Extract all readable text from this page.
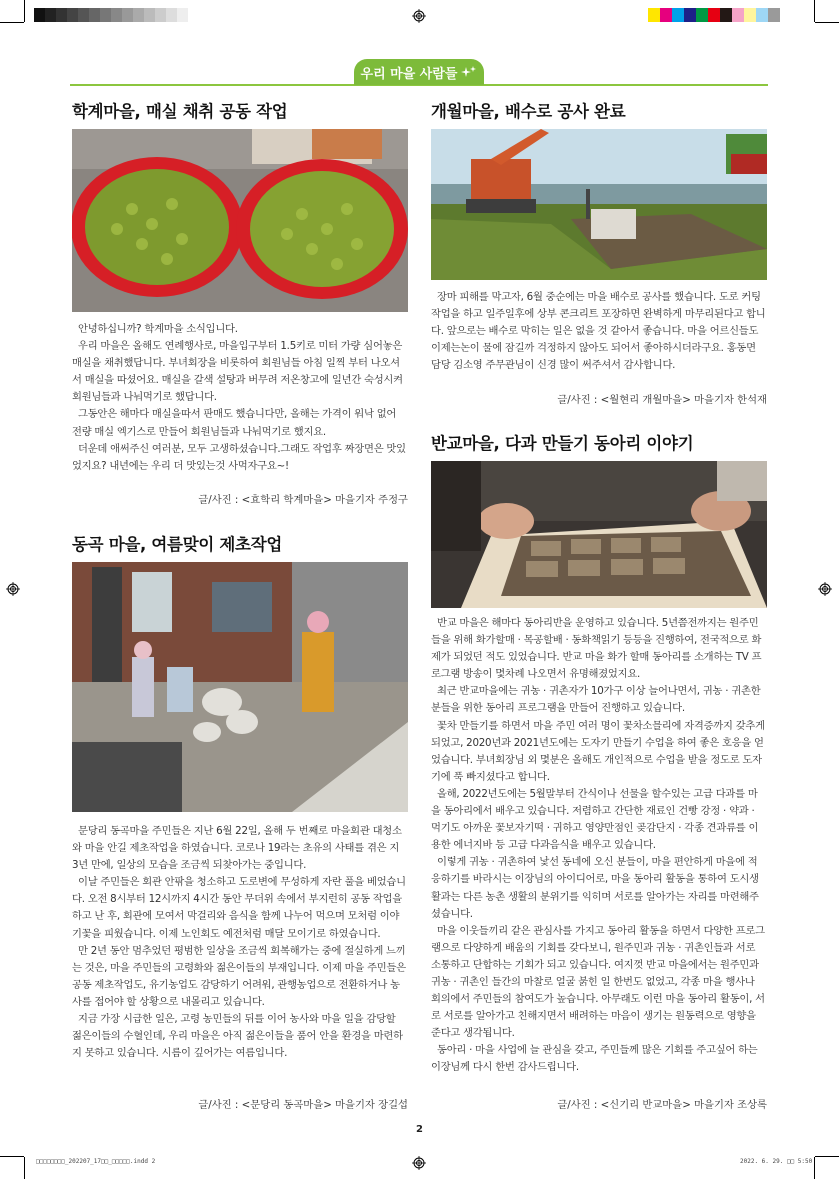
우리 마을 사람들
학계마을, 매실 채취 공동 작업

안녕하십니까? 학계마을 소식입니다.

우리 마을은 올해도 연례행사로, 마을입구부터 1.5키로 미터 가량 심어놓은 매실을 채취했답니다. 부녀회장을 비롯하여 회원님들 아침 일찍 부터 나오셔서 매실을 따셨어요. 매실을 갈색 설탕과 버무려 저온창고에 일년간 숙성시켜 회원님들과 나눠먹기로 했답니다.

그동안은 해마다 매실을따서 판매도 했습니다만, 올해는 가격이 워낙 없어 전량 매실 엑기스로 만들어 회원님들과 나눠먹기로 했지요.

더운데 애써주신 여러분, 모두 고생하셨습니다.그래도 작업후 짜장면은 맛있었지요? 내년에는 우리 더 맛있는것 사먹자구요~!

글/사진 : <효학리 학계마을> 마을기자 주정구
동곡 마을, 여름맞이 제초작업

문당리 동곡마을 주민들은 지난 6월 22일, 올해 두 번째로 마을회관 대청소와 마을 안길 제초작업을 하였습니다. 코로나 19라는 초유의 사태를 겪은 지 3년 만에, 일상의 모습을 조금씩 되찾아가는 중입니다.

이날 주민들은 회관 안팎을 청소하고 도로변에 무성하게 자란 풀을 베었습니다. 오전 8시부터 12시까지 4시간 동안 무더위 속에서 부지런히 공동 작업을 하고 난 후, 회관에 모여서 막걸리와 음식을 함께 나누어 먹으며 모처럼 이야기꽃을 피웠습니다. 이제 노인회도 예전처럼 매달 모이기로 하였습니다.

만 2년 동안 멈추었던 평범한 일상을 조금씩 회복해가는 중에 절실하게 느끼는 것은, 마을 주민들의 고령화와 젊은이들의 부재입니다. 이제 마을 주민들은 공동 제초작업도, 유기농업도 감당하기 어려워, 관행농업으로 전환하거나 농사를 접어야 할 상황으로 내몰리고 있습니다.

지금 가장 시급한 일은, 고령 농민들의 뒤를 이어 농사와 마을 일을 감당할 젊은이들의 수혈인데, 우리 마을은 아직 젊은이들을 품어 안을 환경을 마련하지 못하고 있습니다. 시름이 깊어가는 여름입니다.

글/사진 : <문당리 동곡마을> 마을기자 장길섭
개월마을, 배수로 공사 완료

장마 피해를 막고자, 6월 중순에는 마을 배수로 공사를 했습니다. 도로 커팅 작업을 하고 일주일후에 상부 콘크리트 포장하면 완벽하게 마무리된다고 합니다. 앞으로는 배수로 막히는 일은 없을 것 같아서 좋습니다. 마을 어르신들도 이제는논이 물에 잠길까 걱정하지 않아도 되어서 좋아하시더라구요. 홍동면 담당 김소영 주무관님이 신경 많이 써주셔서 감사합니다.

글/사진 : <월현리 개월마을> 마을기자 한석재
반교마을, 다과 만들기 동아리 이야기

반교 마을은 해마다 동아리반을 운영하고 있습니다. 5년쯤전까지는 원주민들을 위해 화가할매 · 목공할배 · 동화책읽기 등등을 진행하여, 전국적으로 화제가 되었던 적도 있었습니다. 반교 마을 화가 할매 동아리를 소개하는 TV 프로그램 방송이 몇차례 나오면서 유명해졌었지요.

최근 반교마을에는 귀농 · 귀촌자가 10가구 이상 늘어나면서, 귀농 · 귀촌한 분들을 위한 동아리 프로그램을 만들어 진행하고 있습니다.

꽃차 만들기를 하면서 마을 주민 여러 명이 꽃차소믈리에 자격증까지 갖추게 되었고, 2020년과 2021년도에는 도자기 만들기 수업을 하여 좋은 호응을 얻었습니다. 부녀회장님 외 몇분은 올해도 개인적으로 수업을 받을 정도로 도자기에 푹 빠지셨다고 합니다.

올해, 2022년도에는 5월말부터 간식이나 선물을 할수있는 고급 다과를 마을 동아리에서 배우고 있습니다. 저렴하고 간단한 재료인 건빵 강정 · 약과 · 먹기도 아까운 꽃보자기떡 · 귀하고 영양만점인 곶감단지 · 각종 견과류를 이용한 에너지바 등 고급 다과음식을 배우고 있습니다.

이렇게 귀농 · 귀촌하여 낯선 동네에 오신 분들이, 마을 편안하게 마을에 적응하기를 바라시는 이장님의 아이디어로, 마을 동아리 활동을 통하여 도시생활과는 다른 농촌 생활의 분위기를 익히며 서로를 알아가는 자리를 마련해주셨습니다.

마을 이웃들끼리 같은 관심사를 가지고 동아리 활동을 하면서 다양한 프로그램으로 다양하게 배움의 기회를 갖다보니, 원주민과 귀농 · 귀촌인들과 서로 소통하고 단합하는 기회가 되고 있습니다. 여지껏 반교 마을에서는 원주민과 귀농 · 귀촌인 들간의 마찰로 얼굴 붉힌 일 한번도 없었고, 각종 마을 행사나 회의에서 주민들의 참여도가 높습니다. 아무래도 이런 마을 동아리 활동이, 서로 서로를 알아가고 친해지면서 배려하는 마음이 생기는 원동력으로 영향을 준다고 생각됩니다.

동아리 · 마을 사업에 늘 관심을 갖고, 주민들께 많은 기회를 주고싶어 하는 이장님께 다시 한번 감사드립니다.

글/사진 : <신기리 반교마을> 마을기자 조상록
2
□□□□□□□□_202207_17□□_□□□□□.indd 2	2022. 6. 29. □□ 5:50
